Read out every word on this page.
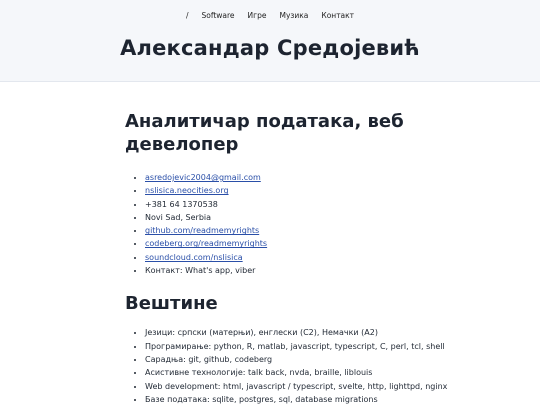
/ Software Игре Музика Контакт
Александар Средојевић
Аналитичар података, веб девелопер
• asredojevic2004@gmail.com
• nslisica.neocities.org
• +381 64 1370538
• Novi Sad, Serbia
• github.com/readmemyrights
• codeberg.org/readmemyrights
• soundcloud.com/nslisica
• Контакт: What's app, viber
Вештине
• Језици: српски (матерњи), енглески (C2), Немачки (A2)
• Програмирање: python, R, matlab, javascript, typescript, C, perl, tcl, shell
• Сарадња: git, github, codeberg
• Асистивне технологије: talk back, nvda, braille, liblouis
• Web development: html, javascript / typescript, svelte, http, lighttpd, nginx
• Базе података: sqlite, postgres, sql, database migrations
